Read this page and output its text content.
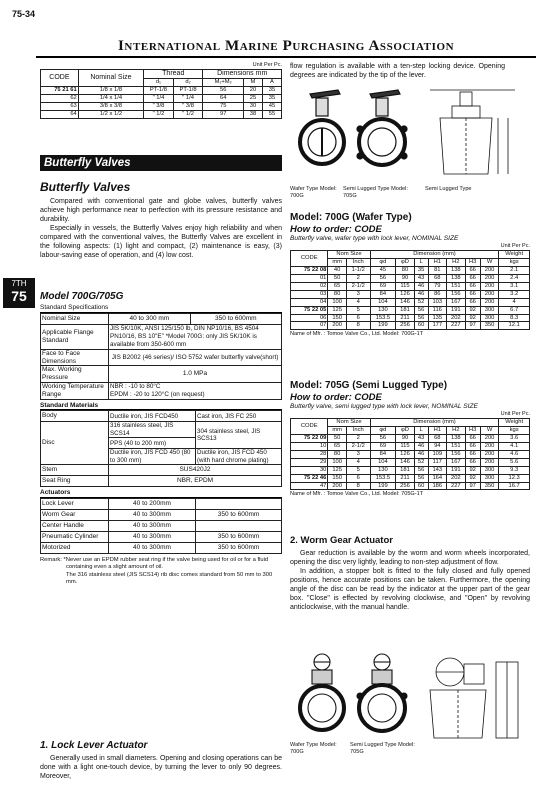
75-34
International Marine Purchasing Association
7TH
75
Unit Per Pc.
CODE	Nominal Size	Thread		Dimensions mm		
		d₁	d₂	M₁+M₂	M	A
75 21 61	1/8 x 1/8	PT-1/8	PT-1/8	56	20	35
62	1/4 x 1/4	" 1/4	" 1/4	64	25	35
63	3/8 x 3/8	" 3/8	" 3/8	75	30	45
64	1/2 x 1/2	" 1/2	" 1/2	97	38	55
Butterfly Valves
Butterfly Valves

Compared with conventional gate and globe valves, butterfly valves achieve high performance near to perfection with its pressure resistance and durability.

Especially in vessels, the Butterfly Valves enjoy high reliability and when compared with the conventional valves, the Butterfly Valves are excellent in the following aspects: (1) light and compact, (2) maintenance is easy, (3) labour-saving ease of operation, and (4) low cost.

Model 700G/705G
Standard Specifications
Nominal Size	40 to 300 mm	350 to 600mm
Applicable Flange Standard	JIS 5K/10K, ANSI 125/150 lb, DIN NP10/16, BS 4504 PN10/16, BS 10"E" *Model 700G: only JIS 5K/10K is available from 350-600 mm	
Face to Face Dimensions	JIS B2002 (46 series)/ ISO 5752 wafer butterfly valve(short)	
Max. Working Pressure	1.0 MPa	
Working Temperature Range	NBR : -10 to 80°C
EPDM : -20 to 120°C (on request)	
Standard Materials
Body	Ductile iron, JIS FCD450	Cast iron, JIS FC 250
Disc	316 stainless steel, JIS SCS14	304 stainless steel, JIS SCS13
	PPS (40 to 200 mm)	
	Ductile iron, JIS FCD 450 (80 to 300 mm)	Ductile iron, JIS FCD 450 (with hard chrome plating)
Stem	SUS420J2	
Seat Ring	NBR, EPDM	
Actuators
Lock Lever	40 to 200mm	
Worm Gear	40 to 300mm	350 to 600mm
Center Handle	40 to 300mm	
Pneumatic Cylinder	40 to 300mm	350 to 600mm
Motorized	40 to 300mm	350 to 600mm
Remark: *Never use an EPDM rubber seat ring if the valve being used for oil or for a fluid containing even a slight amount of oil.
The 316 stainless steel (JIS SCS14) rib disc comes standard from 50 mm to 300 mm.
1. Lock Lever Actuator

Generally used in small diameters. Opening and closing operations can be done with a light one-touch device, by turning the lever to only 90 degrees. Moreover,

flow regulation is available with a ten-step locking device. Opening degrees are indicated by the tip of the lever.

Wafer Type Model: 700G
Semi Lugged Type Model: 705G
Semi Lugged Type
Model: 700G (Wafer Type)
How to order: CODE
Butterfly valve, wafer type with lock lever, NOMINAL SIZE
Unit Per Pc.
CODE	Nom Size		Dimension (mm)							Weight
	mm	Inch	φd	φD	L	H1	H2	H3	W	kgs
75 22 08	40	1-1/2	45	80	35	81	138	66	200	2.1
01	50	2	56	90	43	68	138	66	200	2.4
02	65	2-1/2	69	115	46	79	151	66	200	3.1
03	80	3	84	126	46	86	156	66	200	3.2
04	100	4	104	146	52	103	167	66	200	4
75 22 05	125	5	130	181	56	116	191	92	300	6.7
06	150	6	153.5	211	56	135	202	92	300	8.3
07	200	8	199	256	60	177	227	97	350	12.1
Name of Mfr. : Tomoe Valve Co., Ltd. Model: 700G-1T
Model: 705G (Semi Lugged Type)
How to order: CODE
Butterfly valve, semi lugged type with lock lever, NOMINAL SIZE
Unit Per Pc.
CODE	Nom Size		Dimension (mm)							Weight
	mm	Inch	φd	φD	L	H1	H2	H3	W	kgs
75 22 09	50	2	56	90	43	68	138	66	200	3.6
10	65	2-1/2	69	115	46	94	151	66	200	4.1
28	80	3	84	126	46	109	156	66	200	4.6
29	100	4	104	146	52	117	167	66	200	5.6
30	125	5	130	181	56	143	191	92	300	9.3
75 22 46	150	6	153.5	211	56	164	202	92	300	12.3
47	200	8	199	256	60	186	227	97	350	16.7
Name of Mfr. : Tomoe Valve Co., Ltd. Model: 705G-1T
2. Worm Gear Actuator

Gear reduction is available by the worm and worm wheels incorporated, opening the disc very lightly, leading to non-step adjustment of flow.

In addition, a stopper bolt is fitted to the fully closed and fully opened positions, hence accurate positions can be taken. Furthermore, the opening angle of the disc can be read by the indicator at the upper part of the gear box. "Close" is effected by revolving clockwise, and "Open" by revolving anticlockwise, with the manual handle.

Wafer Type Model: 700G
Semi Lugged Type Model: 705G
